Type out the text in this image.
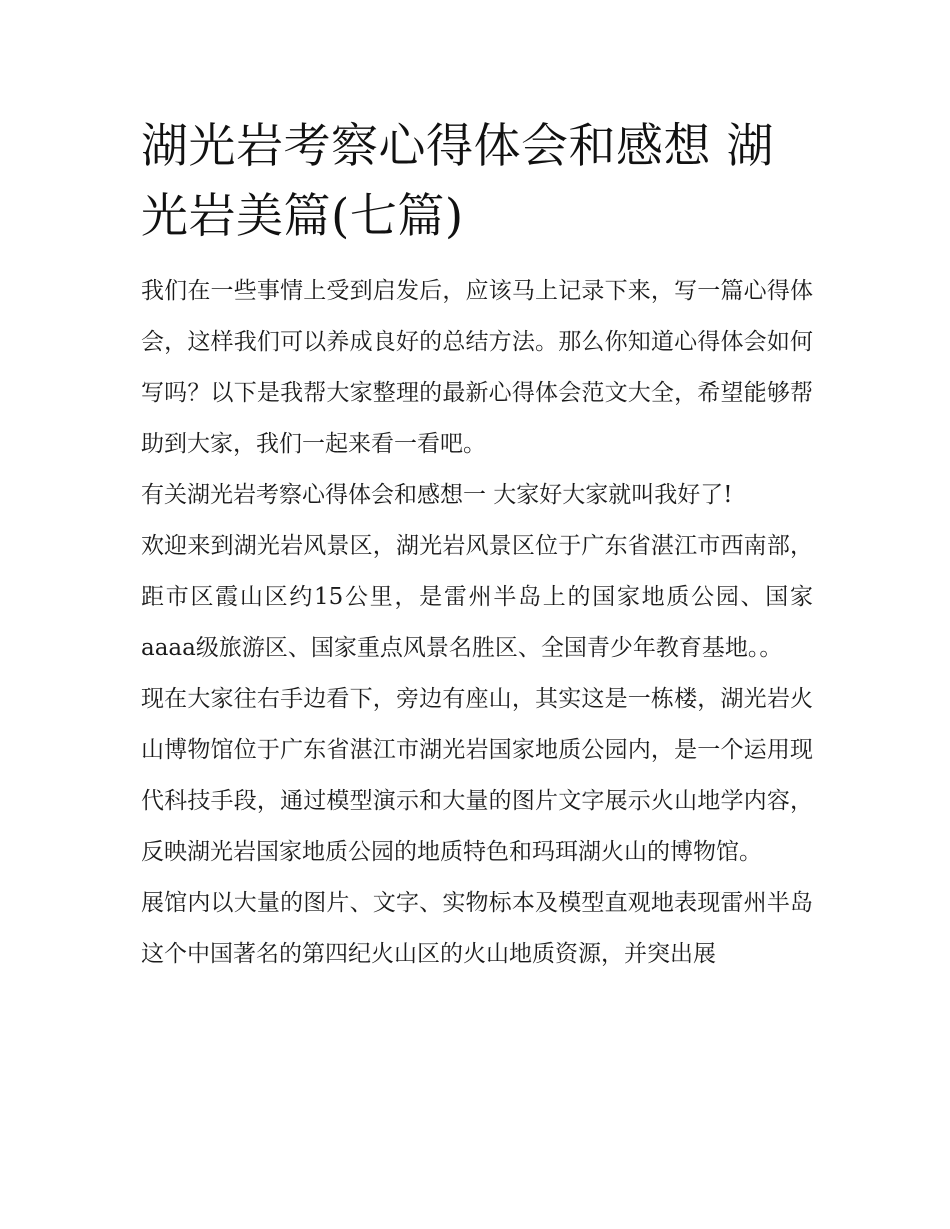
湖光岩考察心得体会和感想 湖光岩美篇(七篇)

我们在一些事情上受到启发后，应该马上记录下来，写一篇心得体会，这样我们可以养成良好的总结方法。那么你知道心得体会如何写吗？以下是我帮大家整理的最新心得体会范文大全，希望能够帮助到大家，我们一起来看一看吧。

有关湖光岩考察心得体会和感想一 大家好大家就叫我好了!

欢迎来到湖光岩风景区，湖光岩风景区位于广东省湛江市西南部，距市区霞山区约15公里，是雷州半岛上的国家地质公园、国家aaaa级旅游区、国家重点风景名胜区、全国青少年教育基地。。

现在大家往右手边看下，旁边有座山，其实这是一栋楼，湖光岩火山博物馆位于广东省湛江市湖光岩国家地质公园内，是一个运用现代科技手段，通过模型演示和大量的图片文字展示火山地学内容，反映湖光岩国家地质公园的地质特色和玛珥湖火山的博物馆。

展馆内以大量的图片、文字、实物标本及模型直观地表现雷州半岛这个中国著名的第四纪火山区的火山地质资源，并突出展
